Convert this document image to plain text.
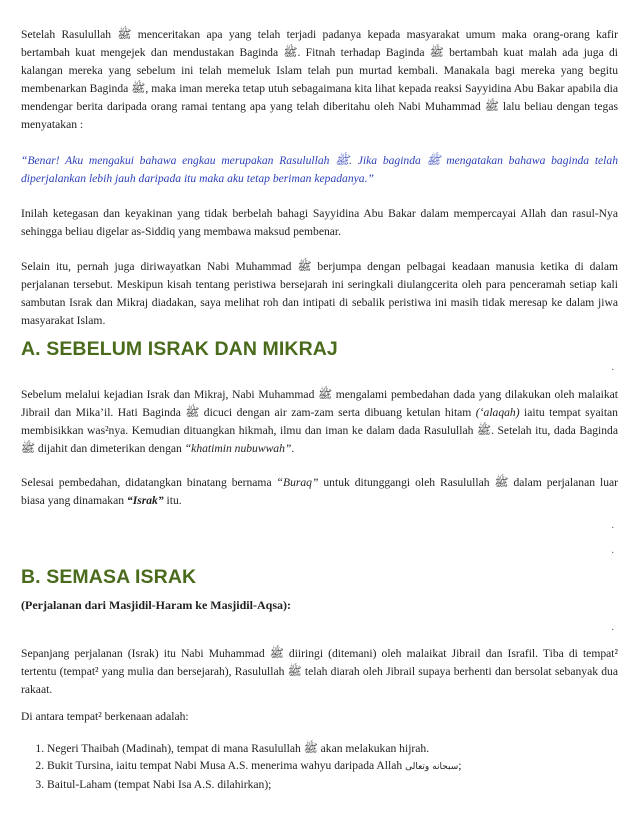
Setelah Rasulullah ﷺ menceritakan apa yang telah terjadi padanya kepada masyarakat umum maka orang-orang kafir bertambah kuat mengejek dan mendustakan Baginda ﷺ. Fitnah terhadap Baginda ﷺ bertambah kuat malah ada juga di kalangan mereka yang sebelum ini telah memeluk Islam telah pun murtad kembali. Manakala bagi mereka yang begitu membenarkan Baginda ﷺ, maka iman mereka tetap utuh sebagaimana kita lihat kepada reaksi Sayyidina Abu Bakar apabila dia mendengar berita daripada orang ramai tentang apa yang telah diberitahu oleh Nabi Muhammad ﷺ lalu beliau dengan tegas menyatakan :

“Benar! Aku mengakui bahawa engkau merupakan Rasulullah ﷺ. Jika baginda ﷺ mengatakan bahawa baginda telah diperjalankan lebih jauh daripada itu maka aku tetap beriman kepadanya.”

Inilah ketegasan dan keyakinan yang tidak berbelah bahagi Sayyidina Abu Bakar dalam mempercayai Allah dan rasul-Nya sehingga beliau digelar as-Siddiq yang membawa maksud pembenar.

Selain itu, pernah juga diriwayatkan Nabi Muhammad ﷺ berjumpa dengan pelbagai keadaan manusia ketika di dalam perjalanan tersebut. Meskipun kisah tentang peristiwa bersejarah ini seringkali diulangcerita oleh para penceramah setiap kali sambutan Israk dan Mikraj diadakan, saya melihat roh dan intipati di sebalik peristiwa ini masih tidak meresap ke dalam jiwa masyarakat Islam.

A. SEBELUM ISRAK DAN MIKRAJ
.

Sebelum melalui kejadian Israk dan Mikraj, Nabi Muhammad ﷺ mengalami pembedahan dada yang dilakukan oleh malaikat Jibrail dan Mika’il. Hati Baginda ﷺ dicuci dengan air zam-zam serta dibuang ketulan hitam (‘alaqah) iaitu tempat syaitan membisikkan was²nya. Kemudian dituangkan hikmah, ilmu dan iman ke dalam dada Rasulullah ﷺ. Setelah itu, dada Baginda ﷺ dijahit dan dimeterikan dengan “khatimin nubuwwah”.

Selesai pembedahan, didatangkan binatang bernama “Buraq” untuk ditunggangi oleh Rasulullah ﷺ dalam perjalanan luar biasa yang dinamakan “Israk” itu.

.
.
B. SEMASA ISRAK

(Perjalanan dari Masjidil-Haram ke Masjidil-Aqsa):

.

Sepanjang perjalanan (Israk) itu Nabi Muhammad ﷺ diiringi (ditemani) oleh malaikat Jibrail dan Israfil. Tiba di tempat² tertentu (tempat² yang mulia dan bersejarah), Rasulullah ﷺ telah diarah oleh Jibrail supaya berhenti dan bersolat sebanyak dua rakaat.

Di antara tempat² berkenaan adalah:

1. Negeri Thaibah (Madinah), tempat di mana Rasulullah ﷺ akan melakukan hijrah.
2. Bukit Tursina, iaitu tempat Nabi Musa A.S. menerima wahyu daripada Allah سبحانه وتعالى;
3. Baitul-Laham (tempat Nabi Isa A.S. dilahirkan);
